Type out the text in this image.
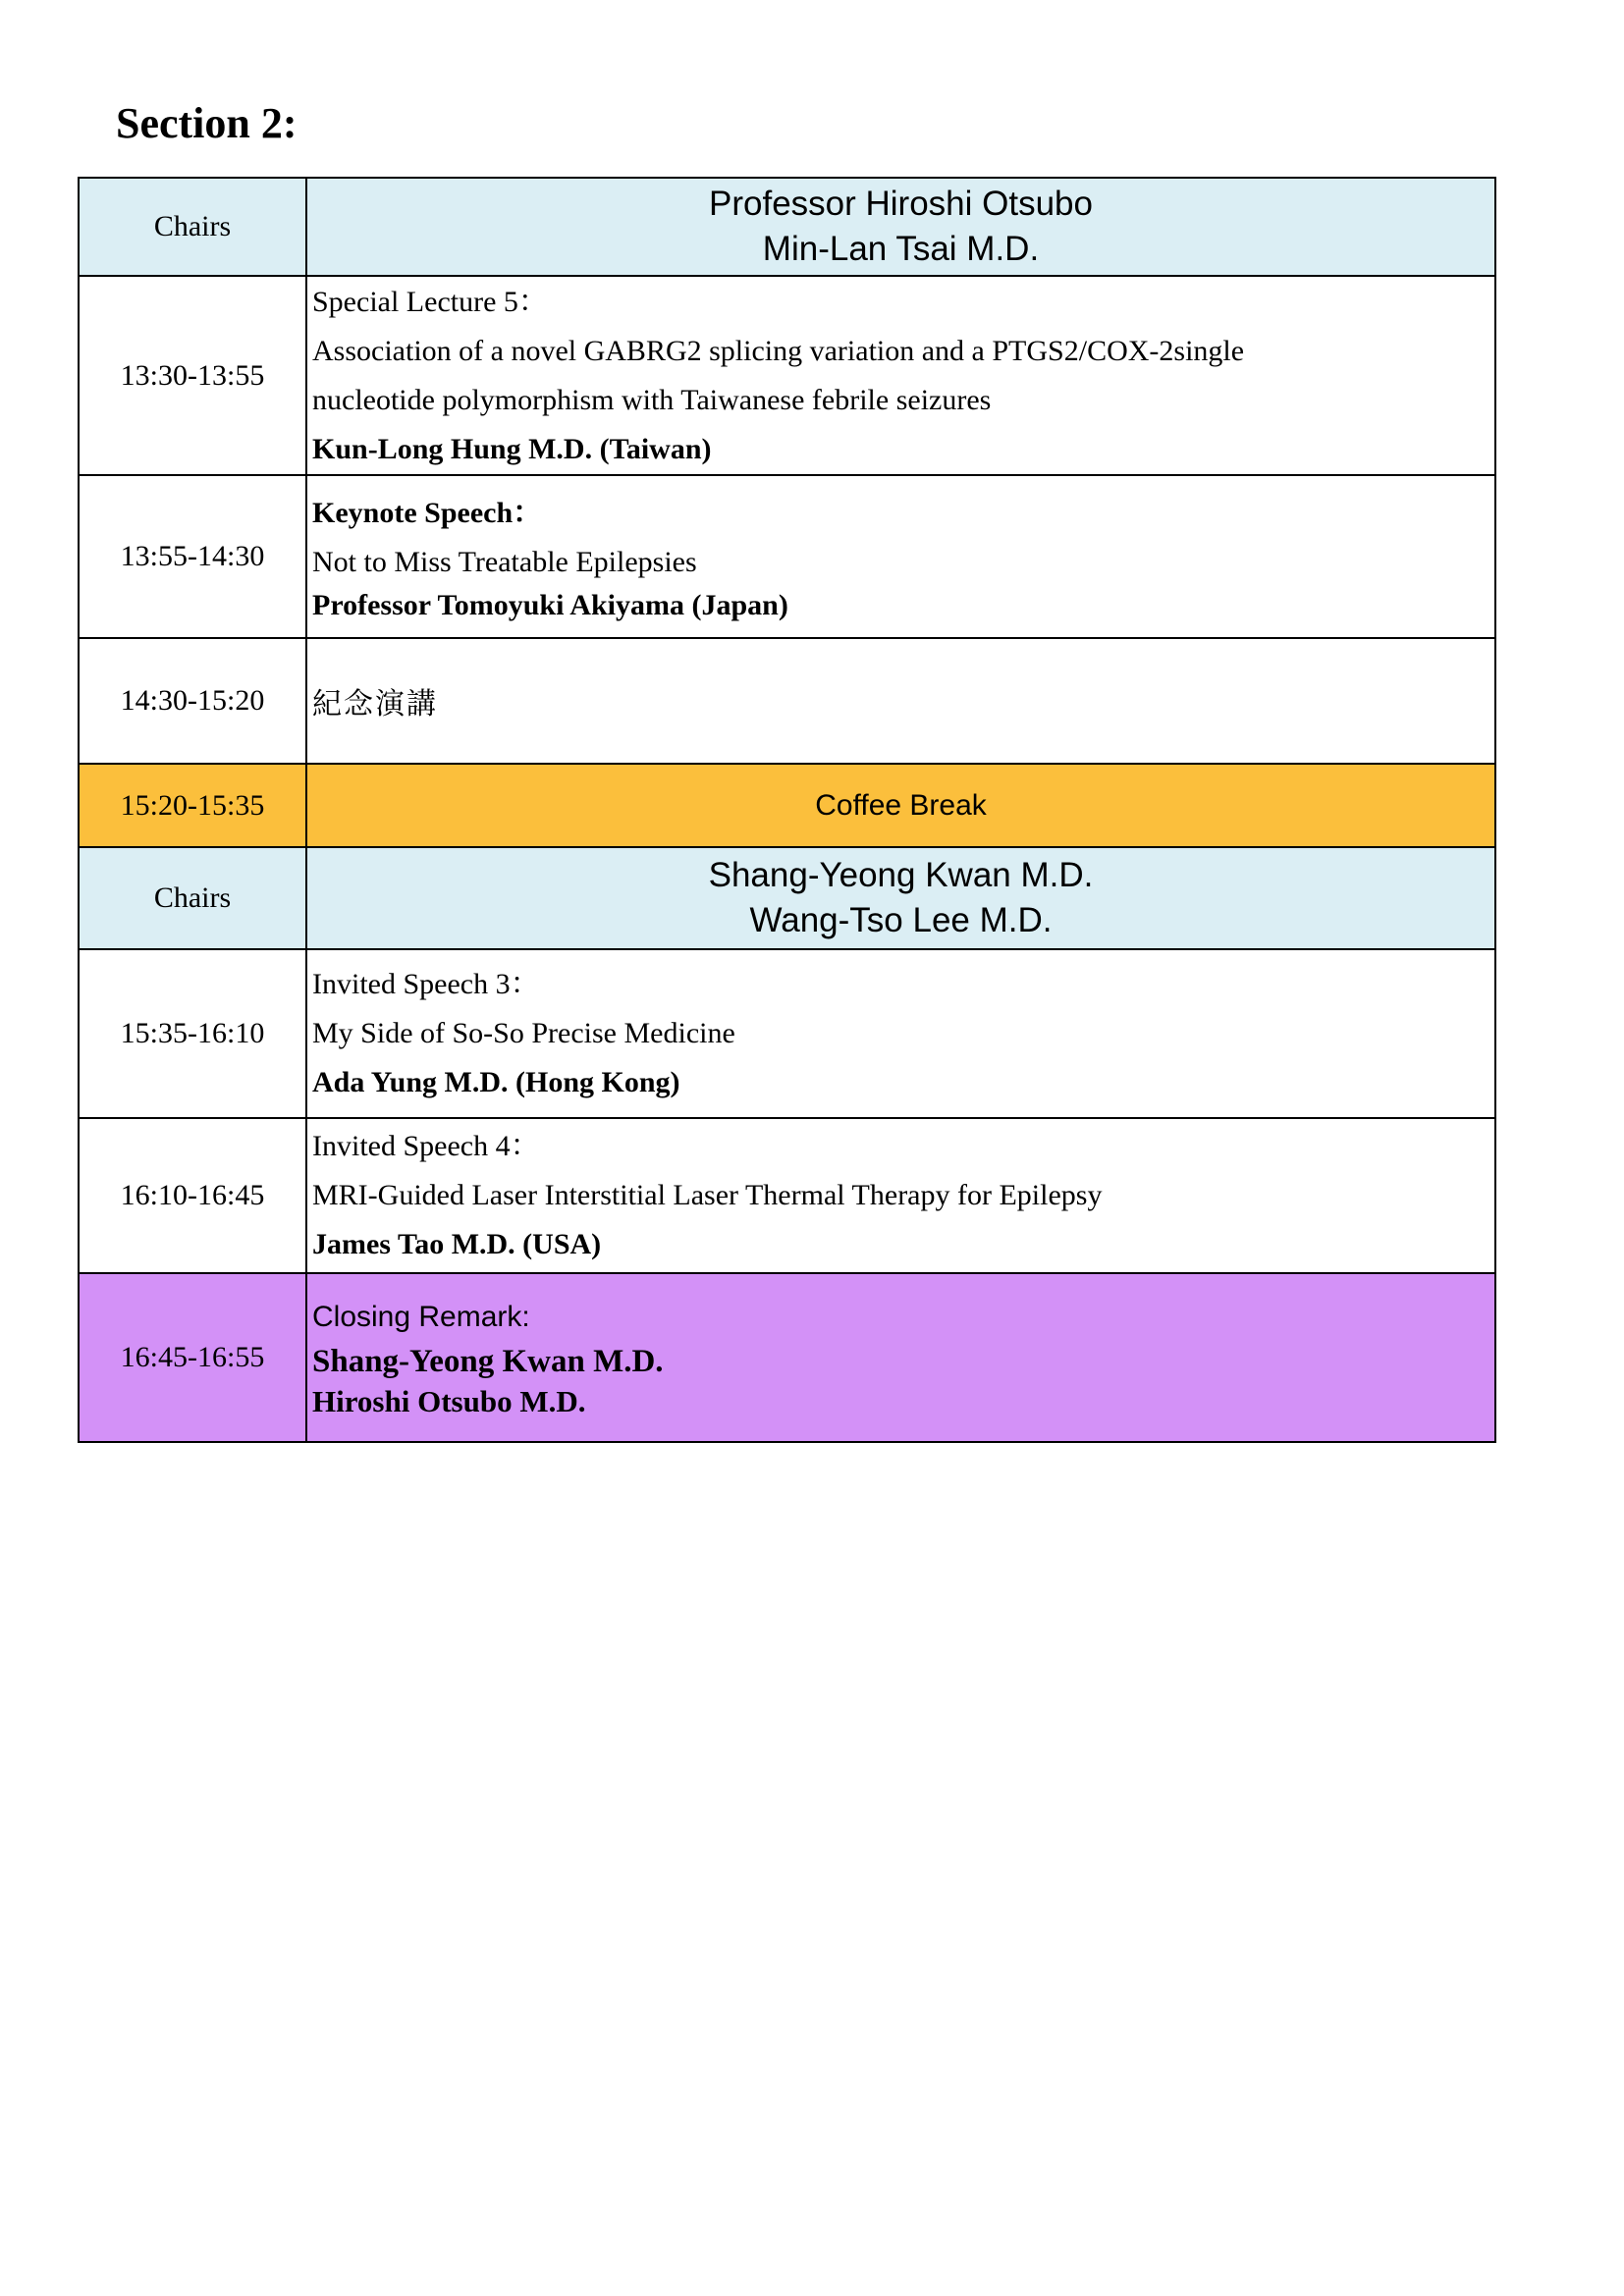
Section 2:
Chairs	Professor Hiroshi Otsubo
Min-Lan Tsai M.D.

13:30-13:55	Special Lecture 5：
Association of a novel GABRG2 splicing variation and a PTGS2/COX-2single
nucleotide polymorphism with Taiwanese febrile seizures
Kun-Long Hung M.D. (Taiwan)

13:55-14:30	Keynote Speech：
Not to Miss Treatable Epilepsies
Professor Tomoyuki Akiyama (Japan)

14:30-15:20	紀念演講

15:20-15:35	Coffee Break
Chairs	Shang-Yeong Kwan M.D.
Wang-Tso Lee M.D.

15:35-16:10	Invited Speech 3：
My Side of So-So Precise Medicine
Ada Yung M.D. (Hong Kong)

16:10-16:45	Invited Speech 4：
MRI-Guided Laser Interstitial Laser Thermal Therapy for Epilepsy
James Tao M.D. (USA)

16:45-16:55	Closing Remark:
Shang-Yeong Kwan M.D.
Hiroshi Otsubo M.D.
